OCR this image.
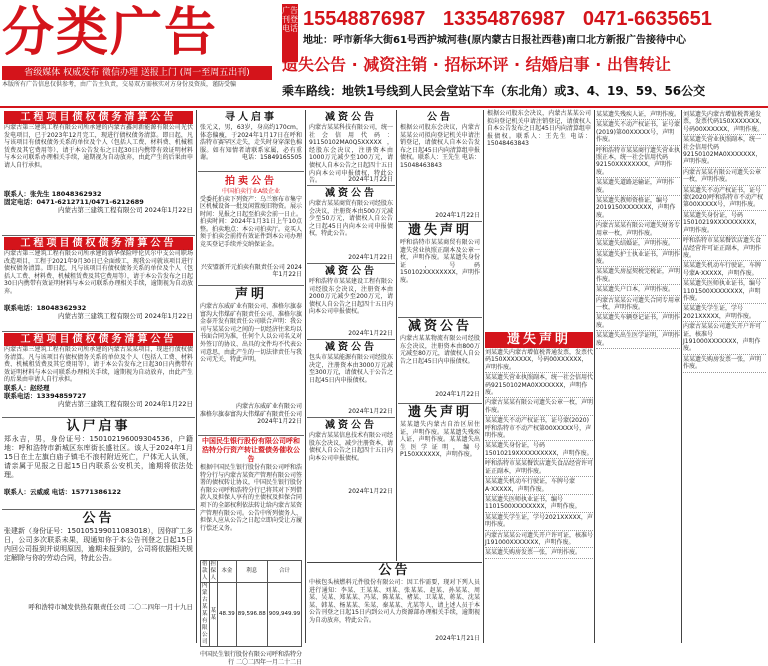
分类广告
省级媒体 权威发布 微信办理 送报上门 (周一至周五出刊)
本版所有广告信息仅供参考，由广告主负责，交易双方需核实对方身份及资质，谨防受骗
广告刊登电话 15548876987 13354876987 0471-6635651
地址：呼市新华大街61号西护城河巷(原内蒙古日报社西巷)南口北方新报广告接待中心
遗失公告 · 减资注销 · 招标环评 · 结婚启事 · 出售转让
乘车路线：地铁1号线到人民会堂站下车（东北角）或3、4、19、59、56公交
工程项目债权债务清算公告
内蒙古第三建筑工程有限公司所承建的内蒙古鑫河新能源有限公司光伏发电项目，已于2023年12月完工，现进行债权债务清算。即日起，凡与该项目有债权债务关系的单位及个人（包括人工费、材料费、机械租赁费及其它费用等），请于本公告发布之日起30日内携带有效证明材料与本公司联系办理相关手续，逾期视为自动放弃，由此产生的后果由申请人自行承担。
联系人：张先生 18048362932
固定电话：0471-6212711/0471-6212689
内蒙古第三建筑工程有限公司 2024年1月22日
工程项目债权债务清算公告
内蒙古第三建筑工程有限公司所承建的新华保险呼伦贝尔中支公司职场改造项目，工程于2021年9月30日已全面竣工，现我公司就该项目进行债权债务清算。即日起，凡与该项目有债权债务关系的单位及个人（包括人工费、材料费、机械租赁费及其它费用等），请于本公告发布之日起30日内携带有效证明材料与本公司联系办理相关手续，逾期视为自动放弃。
联系电话：18048362932
内蒙古第三建筑工程有限公司 2024年1月22日
工程项目债权债务清算公告
内蒙古第三建筑工程有限公司所承建的内蒙古某某项目，现进行债权债务清算。凡与该项目有债权债务关系的单位及个人（包括人工费、材料费、机械租赁费及其它费用等），请于本公告发布之日起30日内携带有效证明材料与本公司联系办理相关手续，逾期视为自动放弃，由此产生的后果由申请人自行承担。
联系人：赵经理
联系电话：13394859727
内蒙古第三建筑工程有限公司 2024年1月22日
认尸启事
郑永吉，男，身份证号：150102196009304536，户籍地：呼和浩特市新城区东库街长盛社区。该人于2024年1月15日在土左旗白庙子镇毛不浪村附近死亡，尸体无人认领，请亲属于见报之日起15日内联系公安机关，逾期将依法处理。
联系人：云威威 电话：15771386122
公告
张建新（身份证号：150105199011083018），因你旷工多日，公司多次联系未果，现通知你于本公告刊登之日起15日内回公司报到并说明原因，逾期未报到的，公司将依据相关规定解除与你的劳动合同，特此公告。
呼和浩特市城发供热有限责任公司 二〇二四年一月十九日
寻人启事
张元义，男，63岁，身高约170cm，体态偏瘦，于2024年1月17日在呼和浩特市赛罕区走失，走失时身穿深色棉服。如有知情者请联系家属，必有重谢。	电话：15849165505
拍卖公告
中国拍卖行业A级企业
受委托拍卖下列资产：乌兰察布市集宁区机械设备一批及闲置废旧物资。展示时间：见报之日起至拍卖会前一日止。拍卖时间：2024年1月31日上午10点整。拍卖地点：本公司拍卖厅。竞买人须于拍卖会前持有效证件到本公司办理竞买登记手续并交纳保证金。
兴安盟新开元拍卖有限责任公司 2024年1月22日
声明
内蒙古东威矿业有限公司、准格尔旗泰富沟大伟煤矿有限责任公司、准格尔旗金泰开发有限责任公司联合声明：我公司与某某公司之间的一切经济往来均以书面合同为准，任何个人以公司名义对外签订的协议、出具的文件均不代表公司意思，由此产生的一切法律责任与我公司无关，特此声明。
内蒙古东威矿业有限公司
准格尔旗泰富沟大伟煤矿有限责任公司
2024年1月22日
中国民生银行股份有限公司呼和浩特分行资产转让暨债务催收公告
根据中国民生银行股份有限公司呼和浩特分行与内蒙古某资产管理有限公司签署的债权转让协议，中国民生银行股份有限公司呼和浩特分行已将其对下列借款人及担保人享有的主债权及担保合同项下的全部权利依法转让给内蒙古某资产管理有限公司。公告中所列债务人、担保人应从公告之日起立即向受让方履行偿还义务。
借款人	担保人	本金	利息	合计
内蒙古某某有限公司	某某	48.39	89,596.88	909,949.99
中国民生银行股份有限公司呼和浩特分行 二〇二四年一月二十二日
减资公告
内蒙古某某科技有限公司，统一社会信用代码：91150102MA0Q5XXXXX，经股东会决议，注册资本由1000万元减少至100万元，请债权人自本公告之日起四十五日内向本公司申报债权，特此公告。	2024年1月22日
减资公告
内蒙古某某商贸有限公司经股东会决议，注册资本由500万元减少至50万元，请债权人自公告之日起45日内向本公司申报债权，特此公告。
2024年1月22日
减资公告
呼和浩特市某某建设工程有限公司经股东会决议，注册资本由2000万元减少至200万元，请债权人自公告之日起四十五日内向本公司申报债权。
2024年1月22日
减资公告
包头市某某能源有限公司经股东决定，注册资本由3000万元减至300万元，请债权人于公告之日起45日内申报债权。
2024年1月22日
减资公告
内蒙古某某信息技术有限公司经股东会决议，减少注册资本，请债权人自公告之日起四十五日内向本公司申报债权。
2024年1月22日
公告
根据公司股东会决议，内蒙古某某公司拟向登记机关申请注销登记，请债权人自本公告发布之日起45日内向清算组申报债权。联系人：王先生 电话：15048463843
2024年1月22日
遗失声明
呼和浩特市某某商贸有限公司遗失营业执照正副本及公章一枚，声明作废。某某遗失身份证，号码150102XXXXXXXX，声明作废。
减资公告
内蒙古某某物流有限公司经股东会决议，注册资本由800万元减至80万元，请债权人自公告之日起45日内申报债权。
2024年1月22日
遗失声明
某某遗失内蒙古自治区居住证，声明作废。某某遗失残疾人证，声明作废。某某遗失出生医学证明，编号P150XXXXXX，声明作废。
公告
中核包头核燃料元件股份有限公司：因工作需要，现对下列人员进行通知：李某、王某某、刘某、张某某、赵某、孙某某、周某、吴某、郑某某、冯某、陈某某、褚某、卫某某、蒋某、沈某某、韩某、杨某某、朱某、秦某某、尤某等人，请上述人员于本公告刊登之日起15日内到公司人力资源部办理相关手续，逾期视为自动放弃，特此公告。
2024年1月21日
遗失声明
刘某遗失内蒙古增值税普通发票，发票代码150XXXXXXX，号码00XXXXXX，声明作废。
某某遗失营业执照副本，统一社会信用代码92150102MA0XXXXXXX，声明作废。
内蒙古某某有限公司遗失公章一枚，声明作废。
某某遗失不动产权证书，证号蒙(2020)呼和浩特市不动产权第00XXXXX号，声明作废。
某某遗失身份证，号码15010219XXXXXXXXXX，声明作废。
呼和浩特市某某餐饮店遗失食品经营许可证正副本，声明作废。
某某遗失机动车行驶证，车牌号蒙A·XXXXX，声明作废。
某某遗失医师执业证书，编号1101500XXXXXXXX，声明作废。
某某遗失学生证，学号2021XXXXX，声明作废。
内蒙古某某公司遗失开户许可证，核准号J191000XXXXXXX，声明作废。
某某遗失购房发票一张，声明作废。
根据公司股东会决议，内蒙古某某公司拟向登记机关申请注销登记，请债权人自本公告发布之日起45日内向清算组申报债权。联系人：王先生 电话：15048463843
某某遗失残疾人证，声明作废。
某某遗失不动产权证书，证号蒙(2019)第00XXXXX号，声明作废。
呼和浩特市某某商行遗失营业执照正本，统一社会信用代码92150XXXXXXXX，声明作废。
某某遗失道路运输证，声明作废。
某某遗失教师资格证，编号2019150XXXXXXX，声明作废。
内蒙古某某有限公司遗失财务专用章一枚，声明作废。
某某遗失结婚证，声明作废。
某某遗失护士执业证书，声明作废。
某某遗失房屋契税完税证，声明作废。
某某遗失户口本，声明作废。
内蒙古某某公司遗失合同专用章一枚，声明作废。
某某遗失车辆登记证书，声明作废。
某某遗失出生医学证明，声明作废。
刘某遗失内蒙古增值税普通发票，发票代码150XXXXXXX，号码00XXXXXX，声明作废。
某某遗失营业执照副本，统一社会信用代码92150102MA0XXXXXXX，声明作废。
内蒙古某某有限公司遗失公章一枚，声明作废。
某某遗失不动产权证书，证号蒙(2020)呼和浩特市不动产权第00XXXXX号，声明作废。
某某遗失身份证，号码15010219XXXXXXXXXX，声明作废。
呼和浩特市某某餐饮店遗失食品经营许可证正副本，声明作废。
某某遗失机动车行驶证，车牌号蒙A·XXXXX，声明作废。
某某遗失医师执业证书，编号1101500XXXXXXXX，声明作废。
某某遗失学生证，学号2021XXXXX，声明作废。
内蒙古某某公司遗失开户许可证，核准号J191000XXXXXXX，声明作废。
某某遗失购房发票一张，声明作废。
